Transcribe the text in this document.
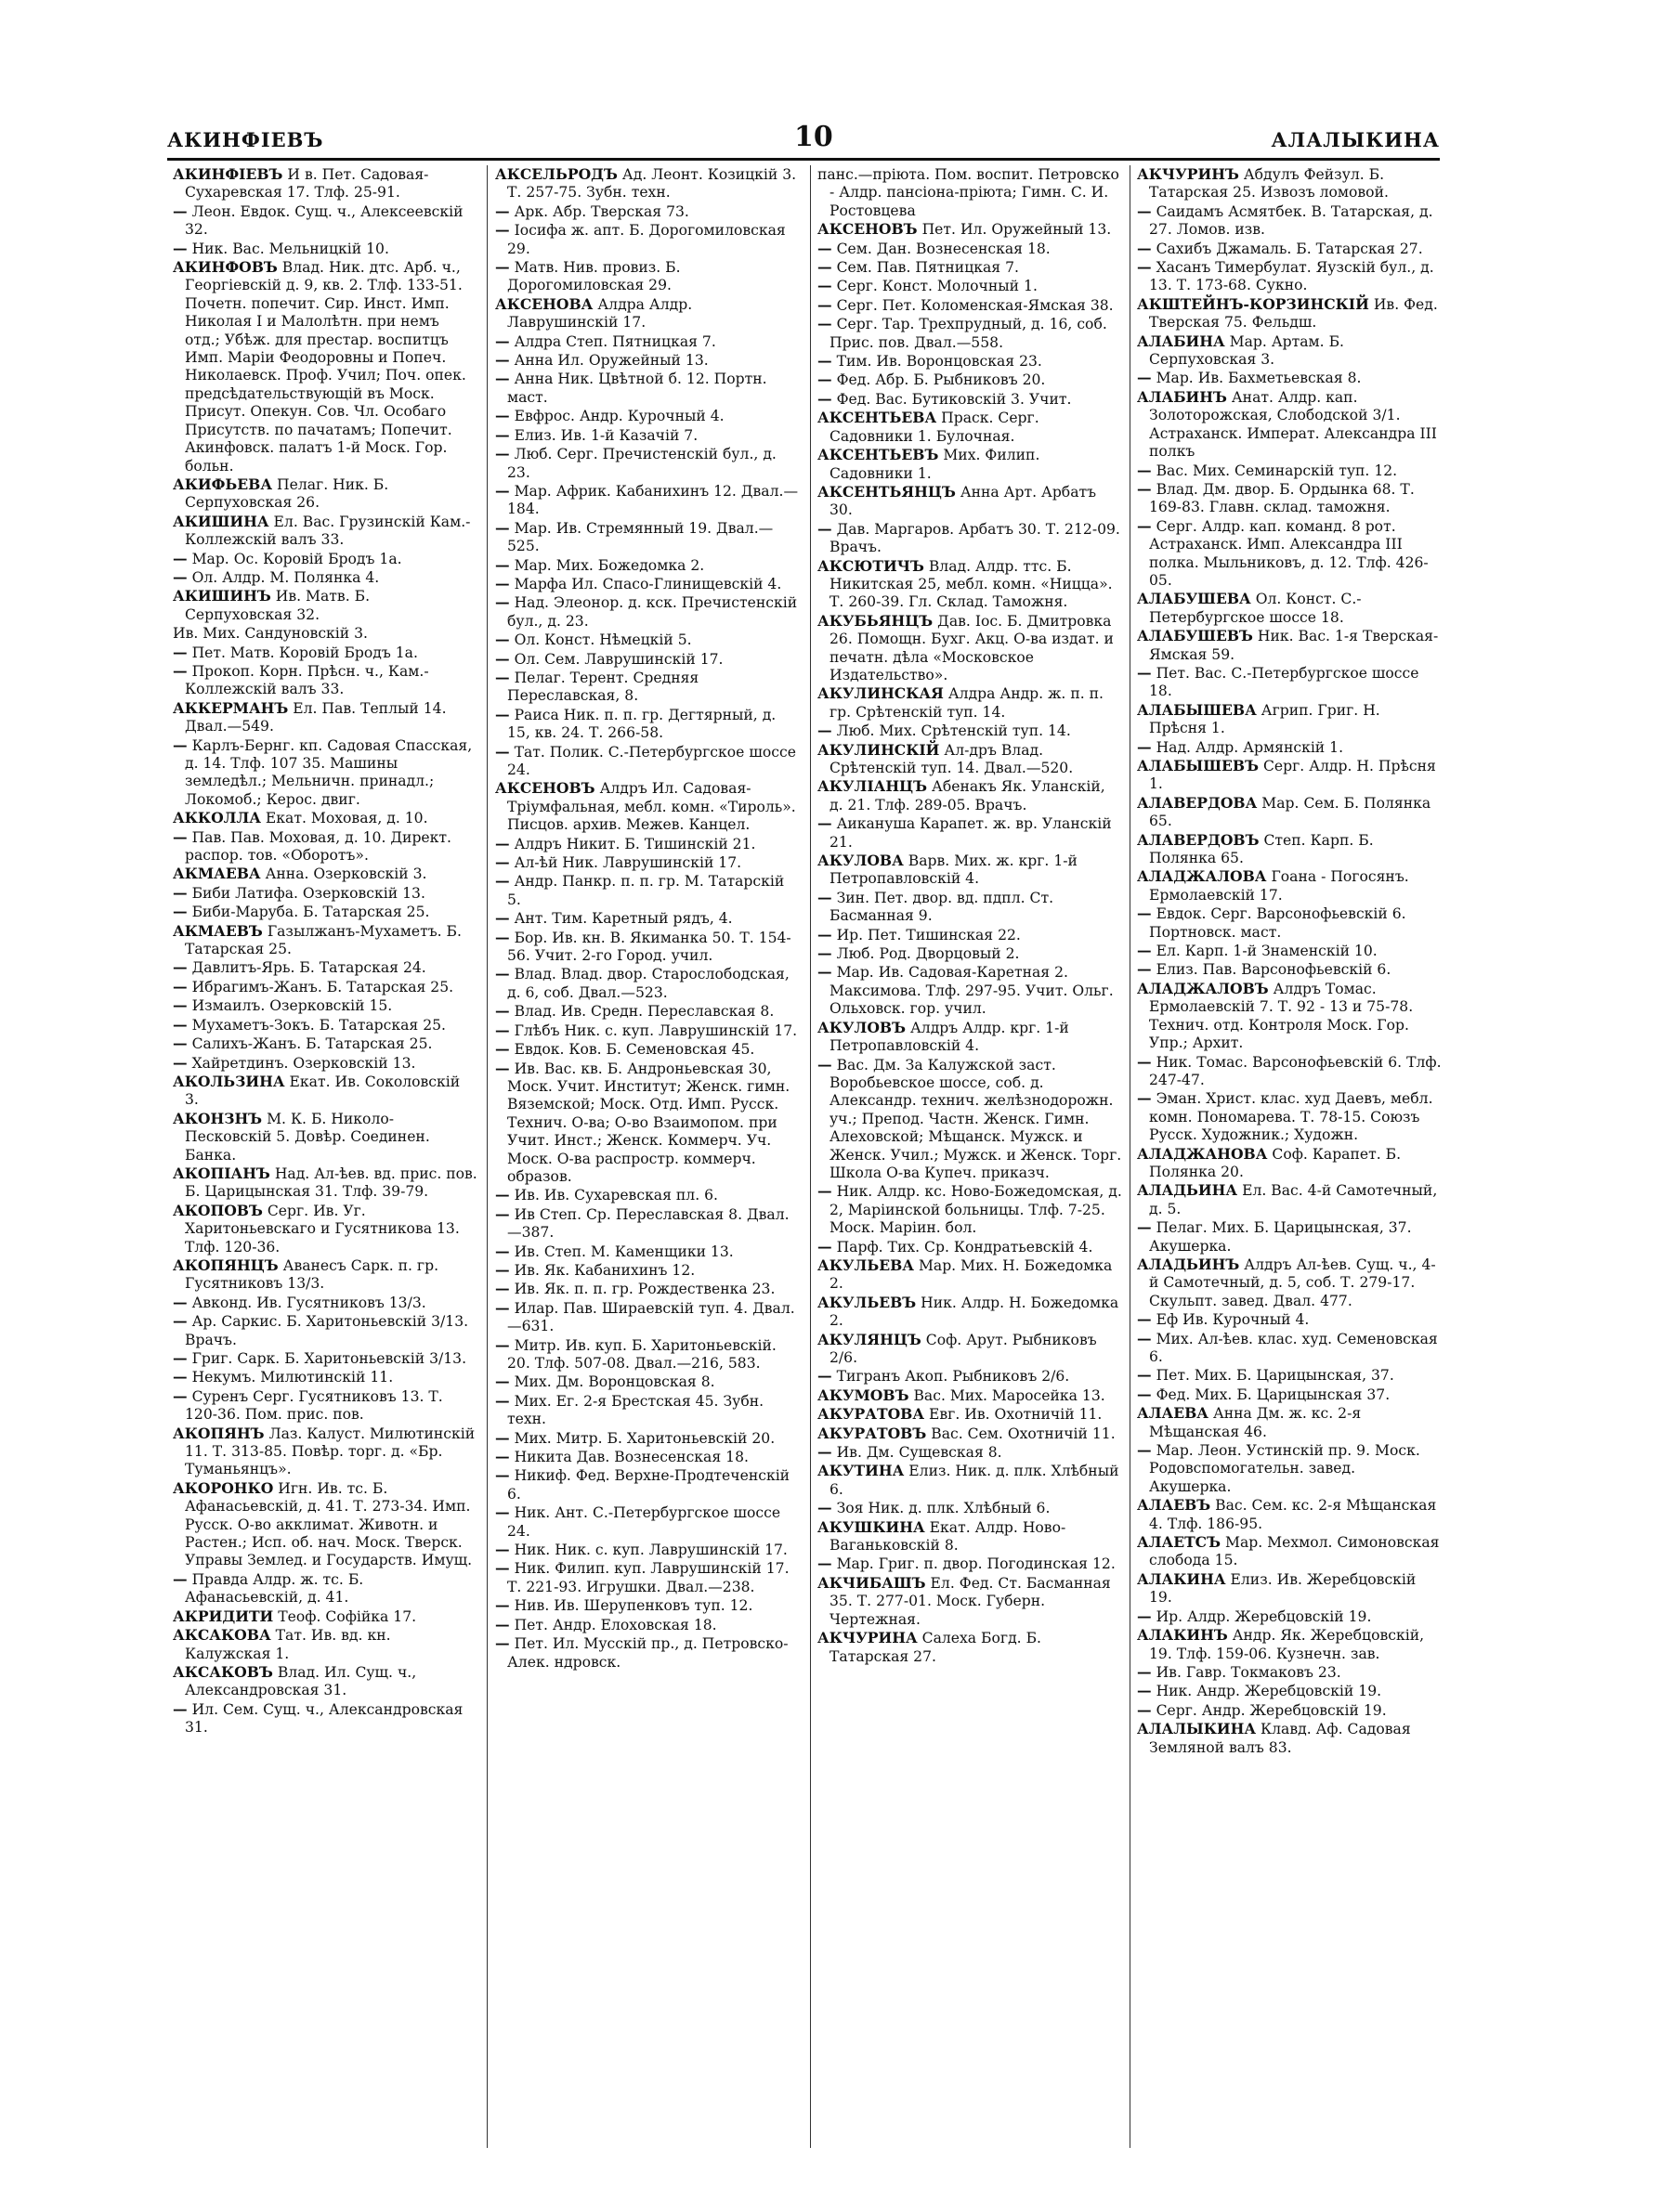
АКИНФІЕВЪ	10	АЛАЛЫКИНА

АКИНФІЕВЪ И в. Пет. Садовая-Сухаревская 17. Тлф. 25-91.

— Леон. Евдок. Сущ. ч., Алексеевскій 32.

— Ник. Вас. Мельницкій 10.

АКИНФОВЪ Влад. Ник. дтс. Арб. ч., Георгіевскій д. 9, кв. 2. Тлф. 133-51. Почетн. попечит. Сир. Инст. Имп. Николая I и Малолѣтн. при немъ отд.; Убѣж. для престар. воспитцъ Имп. Маріи Феодоровны и Попеч. Николаевск. Проф. Учил; Поч. опек. предсѣдательствующій въ Моск. Присут. Опекун. Сов. Чл. Особаго Присутств. по пачатамъ; Попечит. Акинфовск. палатъ 1-й Моск. Гор. больн.

АКИФЬЕВА Пелаг. Ник. Б. Серпуховская 26.

АКИШИНА Ел. Вас. Грузинскій Кам.-Коллежскій валъ 33.

— Мар. Ос. Коровій Бродъ 1а.

— Ол. Алдр. М. Полянка 4.

АКИШИНЪ Ив. Матв. Б. Серпуховская 32.

Ив. Мих. Сандуновскій 3.

— Пет. Матв. Коровій Бродъ 1а.

— Прокоп. Корн. Прѣсн. ч., Кам.-Коллежскій валъ 33.

АККЕРМАНЪ Ел. Пав. Теплый 14. Двал.—549.

— Карлъ-Бернг. кп. Садовая Спасская, д. 14. Тлф. 107 35. Машины земледѣл.; Мельничн. принадл.; Локомоб.; Керос. двиг.

АККОЛЛА Екат. Моховая, д. 10.

— Пав. Пав. Моховая, д. 10. Директ. распор. тов. «Оборотъ».

АКМАЕВА Анна. Озерковскій 3.

— Биби Латифа. Озерковскій 13.

— Биби-Марyба. Б. Татарская 25.

АКМАЕВЪ Газылжанъ-Мухаметъ. Б. Татарская 25.

— Давлитъ-Ярь. Б. Татарская 24.

— Ибрагимъ-Жанъ. Б. Татарская 25.

— Измаилъ. Озерковскій 15.

— Мухаметъ-Зокъ. Б. Татарская 25.

— Салихъ-Жанъ. Б. Татарская 25.

— Хайретдинъ. Озерковскій 13.

АКОЛЬЗИНА Екат. Ив. Соколовскій 3.

АКОНЗНЪ М. К. Б. Николо-Песковскій 5. Довѣр. Соединен. Банка.

АКОПІАНЪ Над. Ал-ѣев. вд. прис. пов. Б. Царицынская 31. Тлф. 39-79.

АКОПОВЪ Серг. Ив. Уг. Харитоньевскаго и Гусятникова 13. Тлф. 120-36.

АКОПЯНЦЪ Аванесъ Сарк. п. гр. Гусятниковъ 13/3.

— Авконд. Ив. Гусятниковъ 13/3.

— Ар. Саркис. Б. Харитоньевскій 3/13. Врачъ.

— Григ. Сарк. Б. Харитоньевскій 3/13.

— Некумъ. Милютинскій 11.

— Суренъ Серг. Гусятниковъ 13. Т. 120-36. Пом. прис. пов.

АКОПЯНЪ Лаз. Калуст. Милютинскій 11. Т. 313-85. Повѣр. торг. д. «Бр. Туманьянцъ».

АКОРОНКО Игн. Ив. тс. Б. Афанасьевскій, д. 41. Т. 273-34. Имп. Русск. О-во акклимат. Животн. и Растен.; Исп. об. нач. Моск. Тверск. Управы Землед. и Государств. Имущ.

— Правда Алдр. ж. тс. Б. Афанасьевскій, д. 41.

АКРИДИТИ Теоф. Софійка 17.

АКСАКОВА Тат. Ив. вд. кн. Калужская 1.

АКСАКОВЪ Влад. Ил. Сущ. ч., Александровская 31.

— Ил. Сем. Сущ. ч., Александровская 31.

АКСЕЛЬРОДЪ Ад. Леонт. Козицкій 3. Т. 257-75. Зубн. техн.

— Арк. Абр. Тверская 73.

— Іосифа ж. апт. Б. Дорогомиловская 29.

— Матв. Нив. провиз. Б. Дорогомиловская 29.

АКСЕНОВА Алдра Алдр. Лаврушинскій 17.

— Алдра Степ. Пятницкая 7.

— Анна Ил. Оружейный 13.

— Анна Ник. Цвѣтной б. 12. Портн. маст.

— Евфрос. Андр. Курочный 4.

— Елиз. Ив. 1-й Казачій 7.

— Люб. Серг. Пречистенскій бул., д. 23.

— Мар. Африк. Кабанихинъ 12. Двал.—184.

— Мар. Ив. Стремянный 19. Двал.—525.

— Мар. Мих. Божедомка 2.

— Марфа Ил. Спасо-Глинищевскій 4.

— Над. Элеонор. д. кск. Пречистенскій бул., д. 23.

— Ол. Конст. Нѣмецкій 5.

— Ол. Сем. Лаврушинскій 17.

— Пелаг. Терент. Средняя Переславская, 8.

— Раиса Ник. п. п. гр. Дегтярный, д. 15, кв. 24. Т. 266-58.

— Тат. Полик. С.-Петербургское шоссе 24.

АКСЕНОВЪ Алдръ Ил. Садовая-Тріумфальная, мебл. комн. «Тироль». Писцов. архив. Межев. Канцел.

— Алдръ Никит. Б. Тишинскій 21.

— Ал-ѣй Ник. Лаврушинскій 17.

— Андр. Панкр. п. п. гр. М. Татарскій 5.

— Ант. Тим. Каретный рядъ, 4.

— Бор. Ив. кн. В. Якиманка 50. Т. 154-56. Учит. 2-го Город. учил.

— Влад. Влад. двор. Старослободская, д. 6, соб. Двал.—523.

— Влад. Ив. Средн. Переславская 8.

— Глѣбъ Ник. с. куп. Лаврушинскій 17.

— Евдок. Ков. Б. Семеновская 45.

— Ив. Вас. кв. Б. Андроньевская 30, Моск. Учит. Институт; Женск. гимн. Вяземской; Моск. Отд. Имп. Русск. Технич. О-ва; О-во Взаимопом. при Учит. Инст.; Женск. Коммерч. Уч. Моск. О-ва распростр. коммерч. образов.

— Ив. Ив. Сухаревская пл. 6.

— Ив Степ. Ср. Переславская 8. Двал.—387.

— Ив. Степ. М. Каменщики 13.

— Ив. Як. Кабанихинъ 12.

— Ив. Як. п. п. гр. Рождественка 23.

— Илар. Пав. Шиpаевскій туп. 4. Двал.—631.

— Митр. Ив. куп. Б. Харитоньевскій. 20. Тлф. 507-08. Двал.—216, 583.

— Мих. Дм. Воронцовская 8.

— Мих. Ег. 2-я Брестская 45. Зубн. техн.

— Мих. Митр. Б. Харитоньевскій 20.

— Никита Дав. Вознесенская 18.

— Никиф. Фед. Верхне-Продтеченскій 6.

— Ник. Ант. С.-Петербургское шоссе 24.

— Ник. Ник. с. куп. Лаврушинскій 17.

— Ник. Филип. куп. Лаврушинскій 17. Т. 221-93. Игрушки. Двал.—238.

— Нив. Ив. Шерупенковъ туп. 12.

— Пет. Андр. Елоховская 18.

— Пет. Ил. Мусскій пр., д. Петровско-Алек. ндровск.

панс.—пріюта. Пом. воспит. Петровско - Алдр. пансіона-пріюта; Гимн. С. И. Ростовцева

АКСЕНОВЪ Пет. Ил. Оружейный 13.

— Сем. Дан. Вознесенская 18.

— Сем. Пав. Пятницкая 7.

— Серг. Конст. Молочный 1.

— Серг. Пет. Коломенская-Ямская 38.

— Серг. Тар. Трехпрудный, д. 16, соб. Прис. пов. Двал.—558.

— Тим. Ив. Воронцовская 23.

— Фед. Абр. Б. Рыбниковъ 20.

— Фед. Вас. Бутиковскій 3. Учит.

АКСЕНТЬЕВА Праск. Серг. Садовники 1. Булочная.

АКСЕНТЬЕВЪ Мих. Филип. Садовники 1.

АКСЕНТЬЯНЦЪ Анна Арт. Арбатъ 30.

— Дав. Маргаров. Арбатъ 30. Т. 212-09. Врачъ.

АКСЮТИЧЪ Влад. Алдр. ттс. Б. Никитская 25, мебл. комн. «Ницца». Т. 260-39. Гл. Склад. Таможня.

АКУБЬЯНЦЪ Дав. Іос. Б. Дмитровка 26. Помощн. Бухг. Акц. О-ва издат. и печатн. дѣла «Московское Издательство».

АКУЛИНСКАЯ Алдра Андр. ж. п. п. гр. Срѣтенскій туп. 14.

— Люб. Мих. Срѣтенскій туп. 14.

АКУЛИНСКІЙ Ал-дръ Влад. Срѣтенскій туп. 14. Двал.—520.

АКУЛІАНЦЪ Абенакъ Як. Уланскій, д. 21. Тлф. 289-05. Врачъ.

— Аикануша Карапет. ж. вр. Уланскій 21.

АКУЛОВА Варв. Мих. ж. кpг. 1-й Петропавловскій 4.

— Зин. Пет. двор. вд. пдпл. Ст. Басманная 9.

— Ир. Пет. Тишинская 22.

— Люб. Род. Дворцовый 2.

— Мар. Ив. Садовая-Каретная 2. Максимова. Тлф. 297-95. Учит. Ольг. Ольховск. гор. учил.

АКУЛОВЪ Алдръ Алдр. кpг. 1-й Петропавловскій 4.

— Вас. Дм. За Калужской заст. Воробьевское шоссе, соб. д. Александр. технич. желѣзнодорожн. уч.; Препод. Частн. Женск. Гимн. Алеховской; Мѣщанск. Мужск. и Женск. Учил.; Мужск. и Женск. Торг. Школа О-ва Купеч. приказч.

— Ник. Алдр. кс. Ново-Божедомская, д. 2, Маріинской больницы. Тлф. 7-25. Моск. Маріин. бол.

— Парф. Тих. Ср. Кондратьевскій 4.

АКУЛЬЕВА Мар. Мих. Н. Божедомка 2.

АКУЛЬЕВЪ Ник. Алдр. Н. Божедомка 2.

АКУЛЯНЦЪ Соф. Арут. Рыбниковъ 2/6.

— Тигранъ Акоп. Рыбниковъ 2/6.

АКУМОВЪ Вас. Мих. Маросейка 13.

АКУРАТОВА Евг. Ив. Охотничій 11.

АКУРАТОВЪ Вас. Сем. Охотничій 11.

— Ив. Дм. Сущевская 8.

АКУТИНА Елиз. Ник. д. плк. Хлѣбный 6.

— Зоя Ник. д. плк. Хлѣбный 6.

АКУШКИНА Екат. Алдр. Ново-Ваганьковскій 8.

— Мар. Григ. п. двор. Погодинская 12.

АКЧИБАШЪ Ел. Фед. Ст. Басманная 35. Т. 277-01. Моск. Губерн. Чертежная.

АКЧУРИНА Салеха Богд. Б. Татарская 27.

АКЧУРИНЪ Абдулъ Фейзул. Б. Татарская 25. Извозъ ломовой.

— Саидамъ Асмятбек. В. Татарская, д. 27. Ломов. изв.

— Сахибъ Джамаль. Б. Татарская 27.

— Хасанъ Тимербулат. Яузскій бул., д. 13. Т. 173-68. Сукно.

АКШТЕЙНЪ-КОРЗИНСКІЙ Ив. Фед. Тверская 75. Фельдш.

АЛАБИНА Мар. Артам. Б. Серпуховская 3.

— Мар. Ив. Бахметьевская 8.

АЛАБИНЪ Анат. Алдр. кап. Золоторожская, Слободской 3/1. Астраханск. Императ. Александра III полкъ

— Вас. Мих. Семинарскій туп. 12.

— Влад. Дм. двор. Б. Ордынка 68. Т. 169-83. Главн. склад. таможня.

— Серг. Алдр. кап. команд. 8 рот. Астраханск. Имп. Александра III полка. Мыльниковъ, д. 12. Тлф. 426-05.

АЛАБУШЕВА Ол. Конст. С.-Петербургское шоссе 18.

АЛАБУШЕВЪ Ник. Вас. 1-я Тверская-Ямская 59.

— Пет. Вас. С.-Петербургское шоссе 18.

АЛАБЫШЕВА Агрип. Григ. Н. Прѣсня 1.

— Над. Алдр. Армянскій 1.

АЛАБЫШЕВЪ Серг. Алдр. Н. Прѣсня 1.

АЛАВЕРДОВА Мар. Сем. Б. Полянка 65.

АЛАВЕРДОВЪ Степ. Карп. Б. Полянка 65.

АЛАДЖАЛОВА Гоана - Погосянъ. Ермолаевскій 17.

— Евдок. Серг. Варсонофьевскій 6. Портновск. маст.

— Ел. Карп. 1-й Знаменскій 10.

— Елиз. Пав. Варсонофьевскій 6.

АЛАДЖАЛОВЪ Алдръ Томас. Ермолаевскій 7. Т. 92 - 13 и 75-78. Технич. отд. Контроля Моск. Гор. Упр.; Архит.

— Ник. Томас. Варсонофьевскій 6. Тлф. 247-47.

— Эман. Христ. клас. худ Даевъ, мебл. комн. Пономарева. Т. 78-15. Союзъ Русск. Художник.; Художн.

АЛАДЖАНОВА Соф. Карапет. Б. Полянка 20.

АЛАДЬИНА Ел. Вас. 4-й Самотечный, д. 5.

— Пелаг. Мих. Б. Царицынская, 37. Акушерка.

АЛАДЬИНЪ Алдръ Ал-ѣев. Сущ. ч., 4-й Самотечный, д. 5, соб. Т. 279-17. Скульпт. завед. Двал. 477.

— Еф Ив. Курочный 4.

— Мих. Ал-ѣев. клас. худ. Семеновская 6.

— Пет. Мих. Б. Царицынская, 37.

— Фед. Мих. Б. Царицынская 37.

АЛАЕВА Анна Дм. ж. кс. 2-я Мѣщанская 46.

— Мар. Леон. Устинскій пр. 9. Моск. Родовспомогательн. завед. Акушерка.

АЛАЕВЪ Вас. Сем. кс. 2-я Мѣщанская 4. Тлф. 186-95.

АЛАЕТСЪ Мар. Мехмол. Симоновская слобода 15.

АЛАКИНА Елиз. Ив. Жеребцовскій 19.

— Ир. Алдр. Жеребцовскій 19.

АЛАКИНЪ Андр. Як. Жеребцовскій, 19. Тлф. 159-06. Кузнечн. зав.

— Ив. Гавр. Токмаковъ 23.

— Ник. Андр. Жеребцовскій 19.

— Серг. Андр. Жеребцовскій 19.

АЛАЛЫКИНА Клавд. Аф. Садовая Земляной валъ 83.
